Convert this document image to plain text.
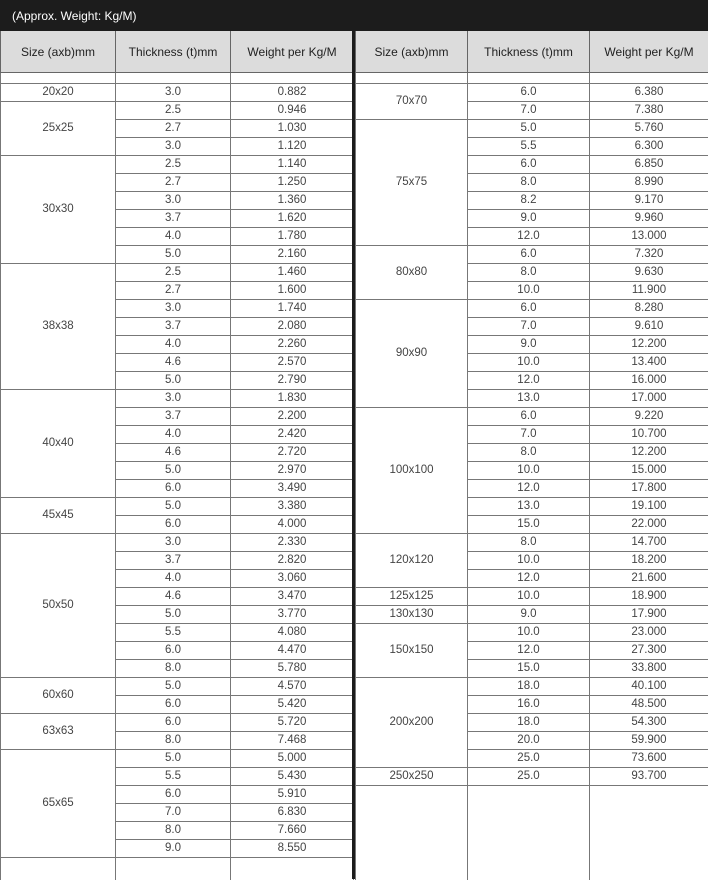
(Approx. Weight: Kg/M)
Size (axb)mm	Thickness (t)mm	Weight per Kg/M

20x20	3.0	0.882
25x25	2.5	0.946
	2.7	1.030
	3.0	1.120
30x30	2.5	1.140
	2.7	1.250
	3.0	1.360
	3.7	1.620
	4.0	1.780
	5.0	2.160
38x38	2.5	1.460
	2.7	1.600
	3.0	1.740
	3.7	2.080
	4.0	2.260
	4.6	2.570
	5.0	2.790
40x40	3.0	1.830
	3.7	2.200
	4.0	2.420
	4.6	2.720
	5.0	2.970
	6.0	3.490
45x45	5.0	3.380
	6.0	4.000
50x50	3.0	2.330
	3.7	2.820
	4.0	3.060
	4.6	3.470
	5.0	3.770
	5.5	4.080
	6.0	4.470
	8.0	5.780
60x60	5.0	4.570
	6.0	5.420
63x63	6.0	5.720
	8.0	7.468
65x65	5.0	5.000
	5.5	5.430
	6.0	5.910
	7.0	6.830
	8.0	7.660
	9.0	8.550

Size (axb)mm	Thickness (t)mm	Weight per Kg/M

70x70	6.0	6.380
	7.0	7.380
75x75	5.0	5.760
	5.5	6.300
	6.0	6.850
	8.0	8.990
	8.2	9.170
	9.0	9.960
	12.0	13.000
80x80	6.0	7.320
	8.0	9.630
	10.0	11.900
90x90	6.0	8.280
	7.0	9.610
	9.0	12.200
	10.0	13.400
	12.0	16.000
	13.0	17.000
100x100	6.0	9.220
	7.0	10.700
	8.0	12.200
	10.0	15.000
	12.0	17.800
	13.0	19.100
	15.0	22.000
120x120	8.0	14.700
	10.0	18.200
	12.0	21.600
125x125	10.0	18.900
130x130	9.0	17.900
150x150	10.0	23.000
	12.0	27.300
	15.0	33.800
200x200	18.0	40.100
	16.0	48.500
	18.0	54.300
	20.0	59.900
	25.0	73.600
250x250	25.0	93.700
